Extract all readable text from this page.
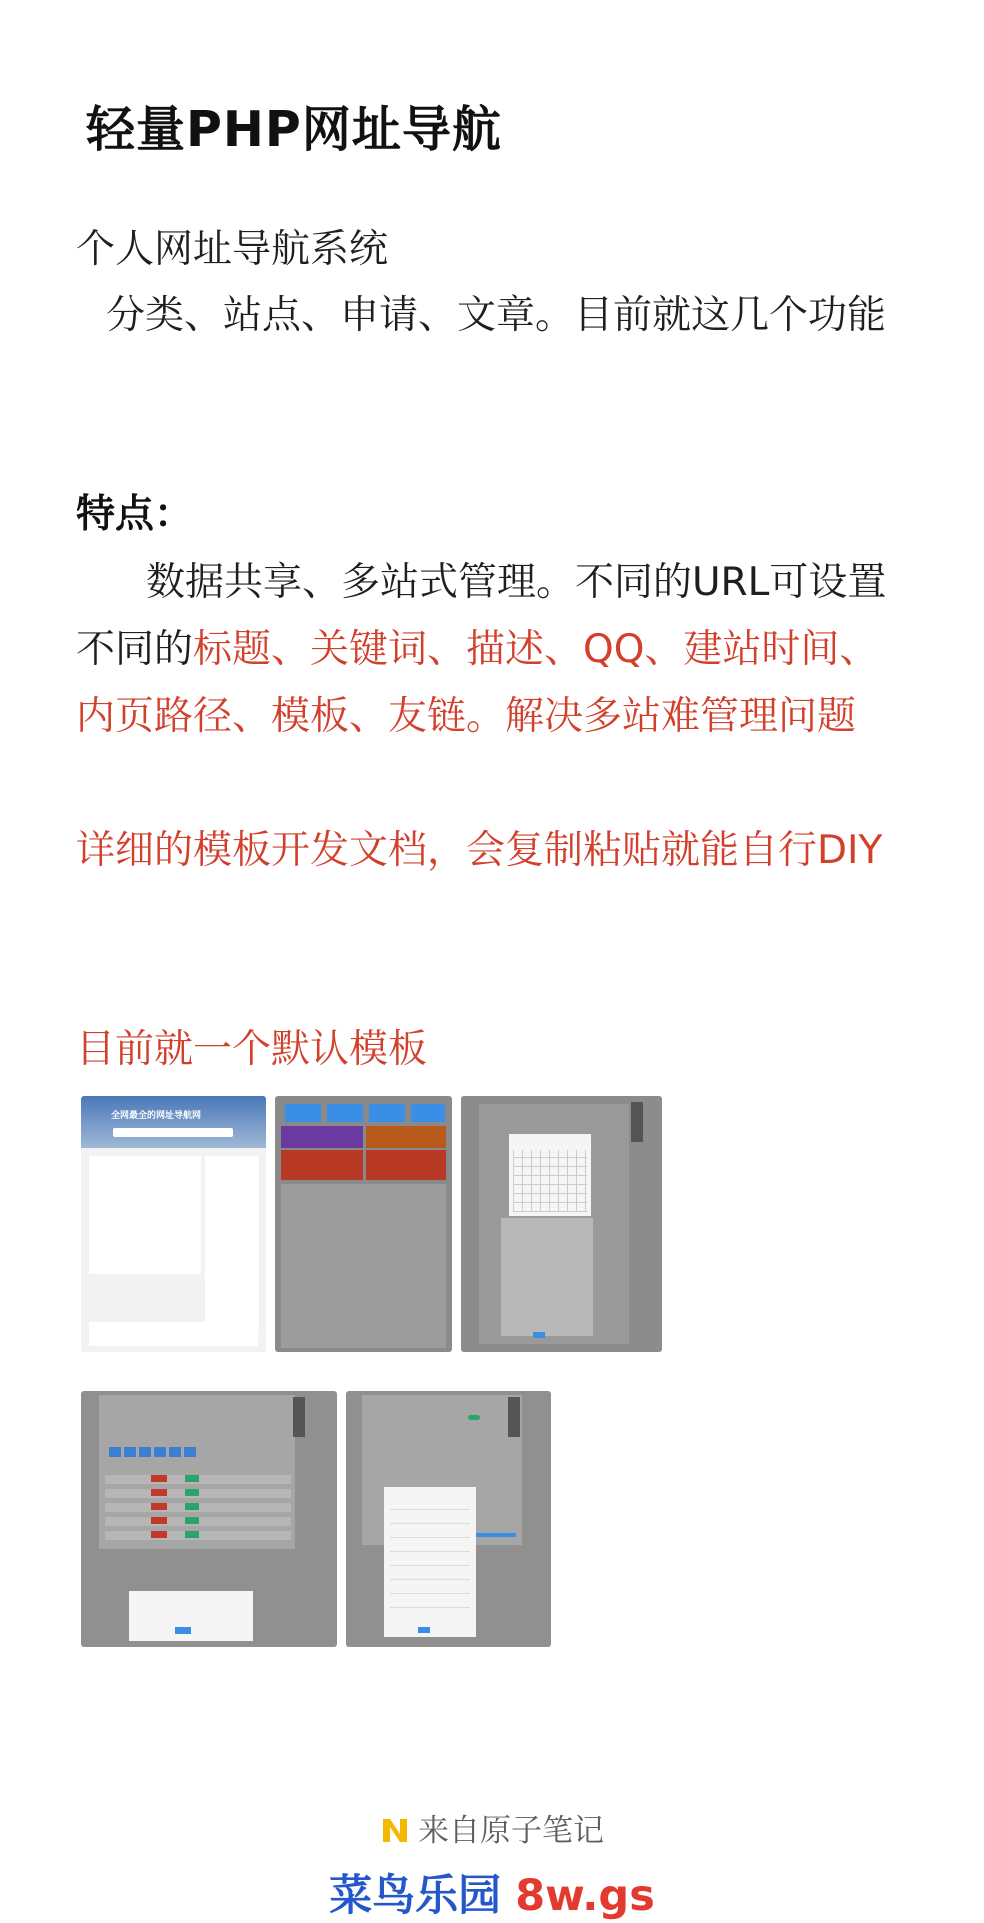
轻量PHP网址导航
个人网址导航系统
分类、站点、申请、文章。目前就这几个功能
特点：
数据共享、多站式管理。不同的URL可设置不同的标题、关键词、描述、QQ、建站时间、内页路径、模板、友链。解决多站难管理问题
详细的模板开发文档，会复制粘贴就能自行DIY
目前就一个默认模板
全网最全的网址导航网
来自原子笔记
菜鸟乐园 8w.gs
